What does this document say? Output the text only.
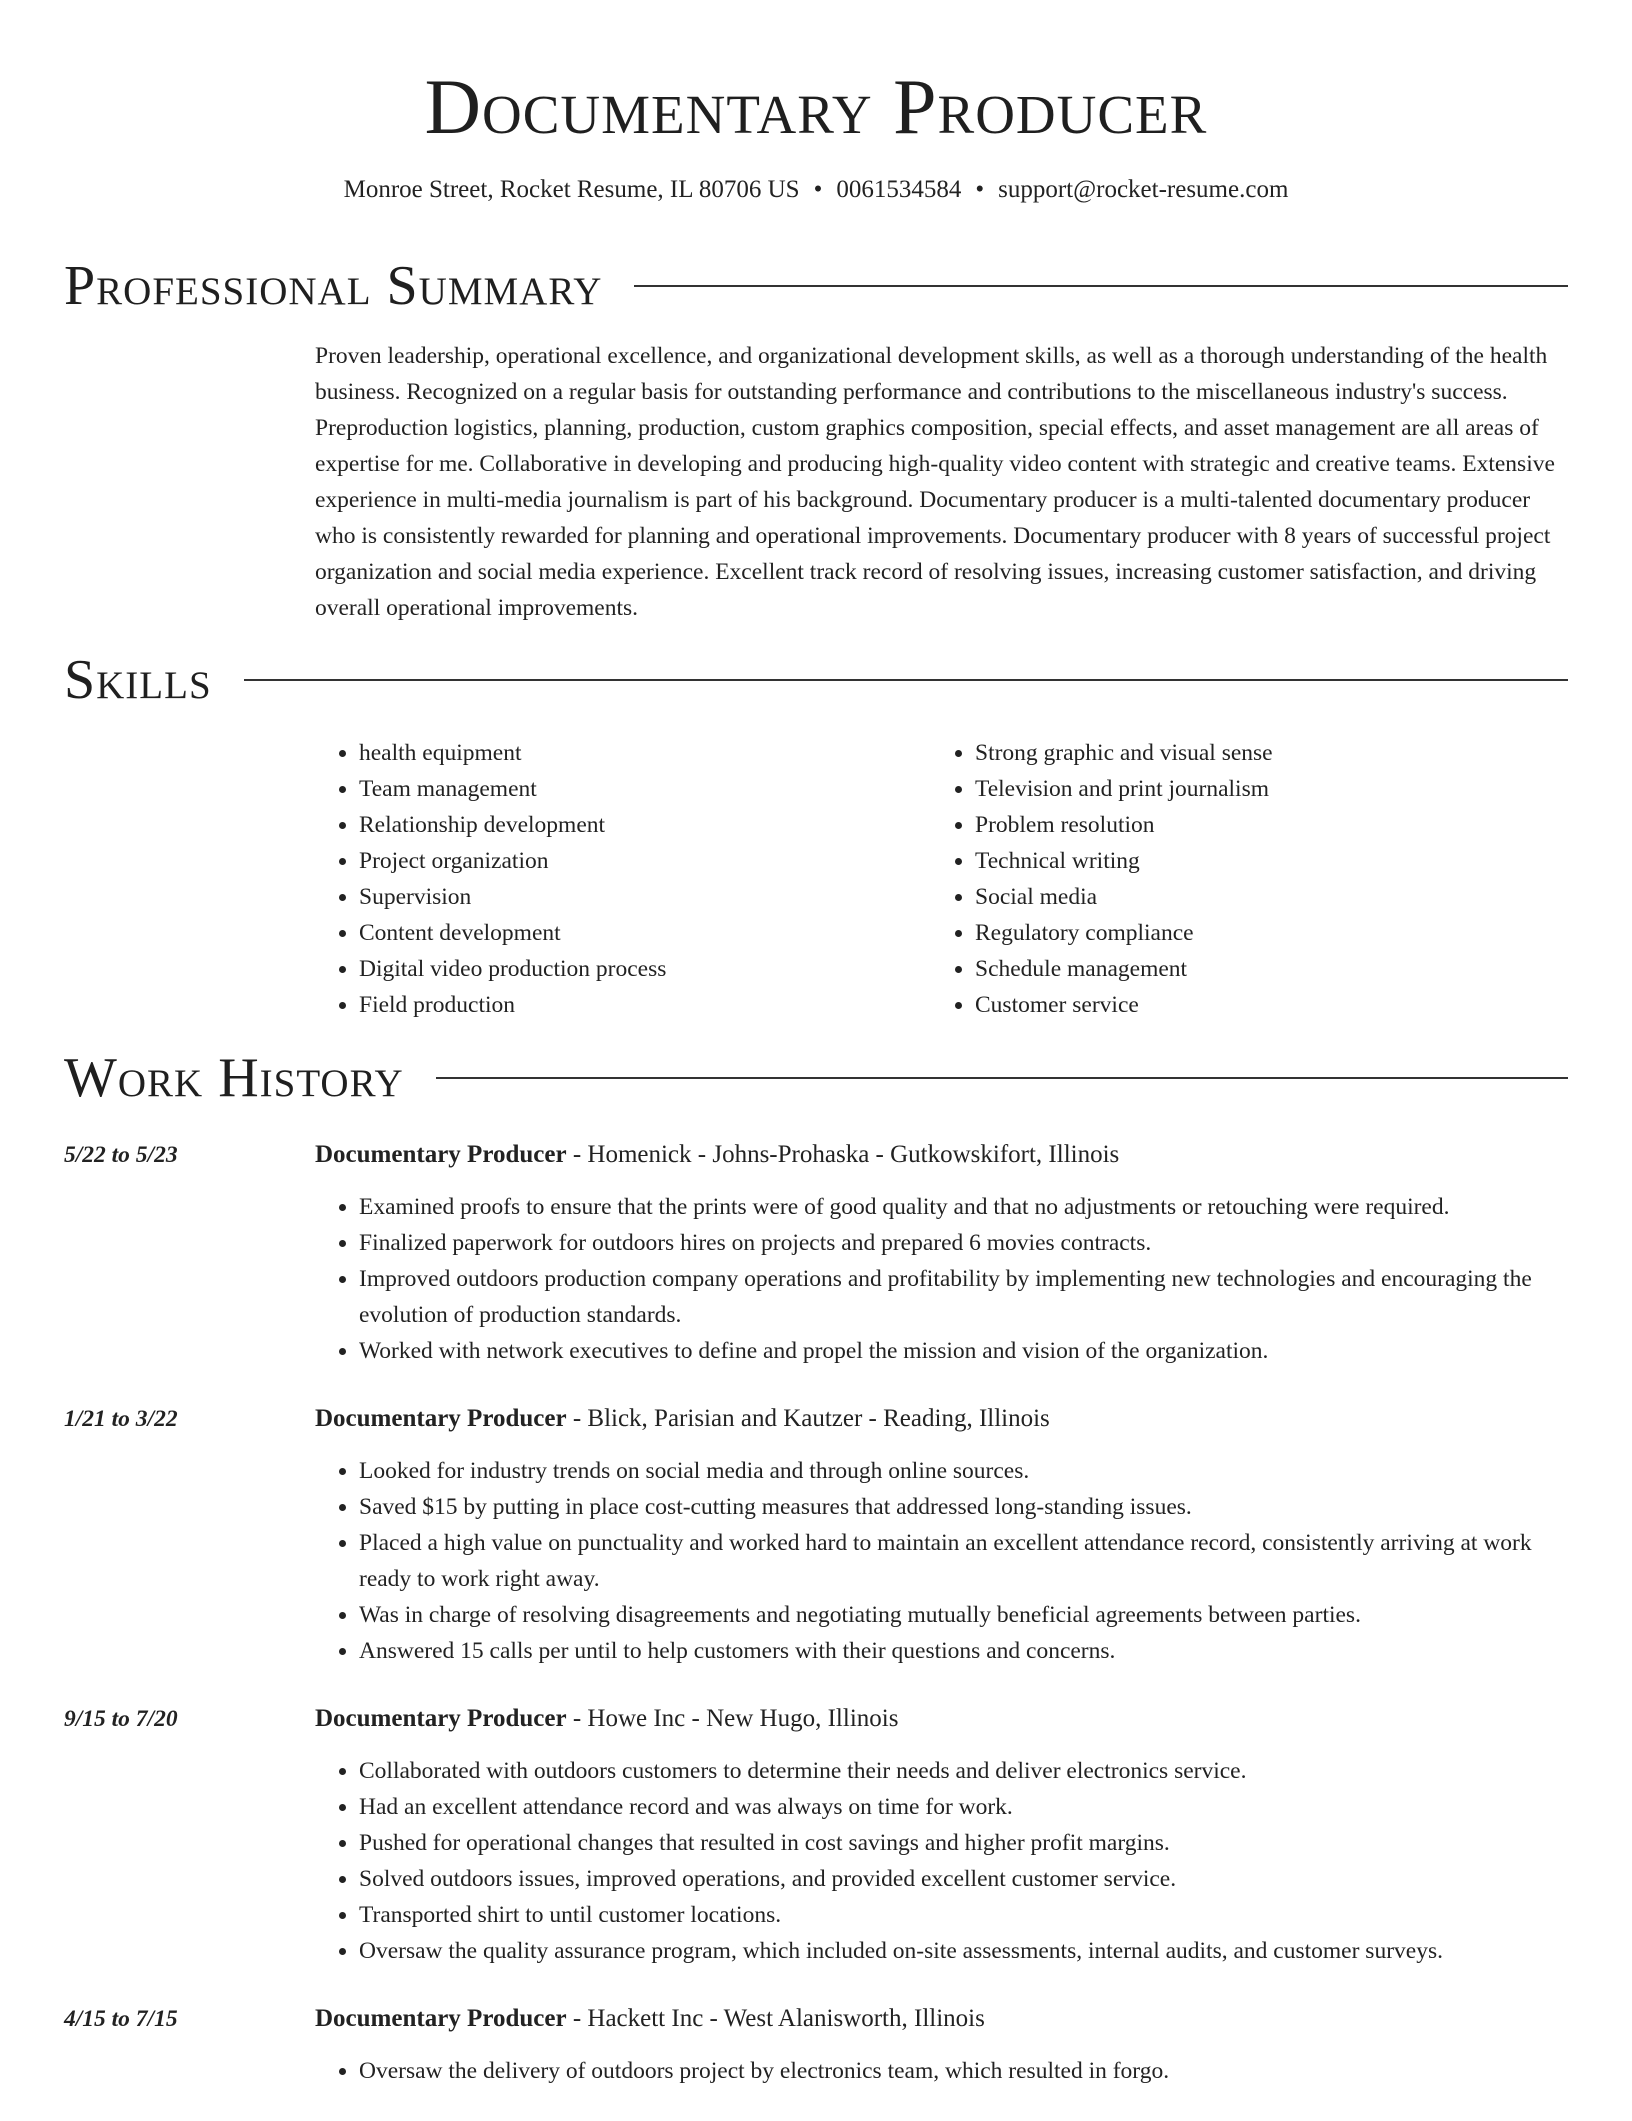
Documentary Producer
Monroe Street, Rocket Resume, IL 80706 US • 0061534584 • support@rocket-resume.com
Professional Summary

Proven leadership, operational excellence, and organizational development skills, as well as a thorough understanding of the health business. Recognized on a regular basis for outstanding performance and contributions to the miscellaneous industry's success. Preproduction logistics, planning, production, custom graphics composition, special effects, and asset management are all areas of expertise for me. Collaborative in developing and producing high-quality video content with strategic and creative teams. Extensive experience in multi-media journalism is part of his background. Documentary producer is a multi-talented documentary producer who is consistently rewarded for planning and operational improvements. Documentary producer with 8 years of successful project organization and social media experience. Excellent track record of resolving issues, increasing customer satisfaction, and driving overall operational improvements.

Skills
• health equipment
• Team management
• Relationship development
• Project organization
• Supervision
• Content development
• Digital video production process
• Field production
• Strong graphic and visual sense
• Television and print journalism
• Problem resolution
• Technical writing
• Social media
• Regulatory compliance
• Schedule management
• Customer service
Work History
5/22 to 5/23	Documentary Producer - Homenick - Johns-Prohaska - Gutkowskifort, Illinois
• Examined proofs to ensure that the prints were of good quality and that no adjustments or retouching were required.
• Finalized paperwork for outdoors hires on projects and prepared 6 movies contracts.
• Improved outdoors production company operations and profitability by implementing new technologies and encouraging the evolution of production standards.
• Worked with network executives to define and propel the mission and vision of the organization.
1/21 to 3/22	Documentary Producer - Blick, Parisian and Kautzer - Reading, Illinois
• Looked for industry trends on social media and through online sources.
• Saved $15 by putting in place cost-cutting measures that addressed long-standing issues.
• Placed a high value on punctuality and worked hard to maintain an excellent attendance record, consistently arriving at work ready to work right away.
• Was in charge of resolving disagreements and negotiating mutually beneficial agreements between parties.
• Answered 15 calls per until to help customers with their questions and concerns.
9/15 to 7/20	Documentary Producer - Howe Inc - New Hugo, Illinois
• Collaborated with outdoors customers to determine their needs and deliver electronics service.
• Had an excellent attendance record and was always on time for work.
• Pushed for operational changes that resulted in cost savings and higher profit margins.
• Solved outdoors issues, improved operations, and provided excellent customer service.
• Transported shirt to until customer locations.
• Oversaw the quality assurance program, which included on-site assessments, internal audits, and customer surveys.
4/15 to 7/15	Documentary Producer - Hackett Inc - West Alanisworth, Illinois
• Oversaw the delivery of outdoors project by electronics team, which resulted in forgo.
